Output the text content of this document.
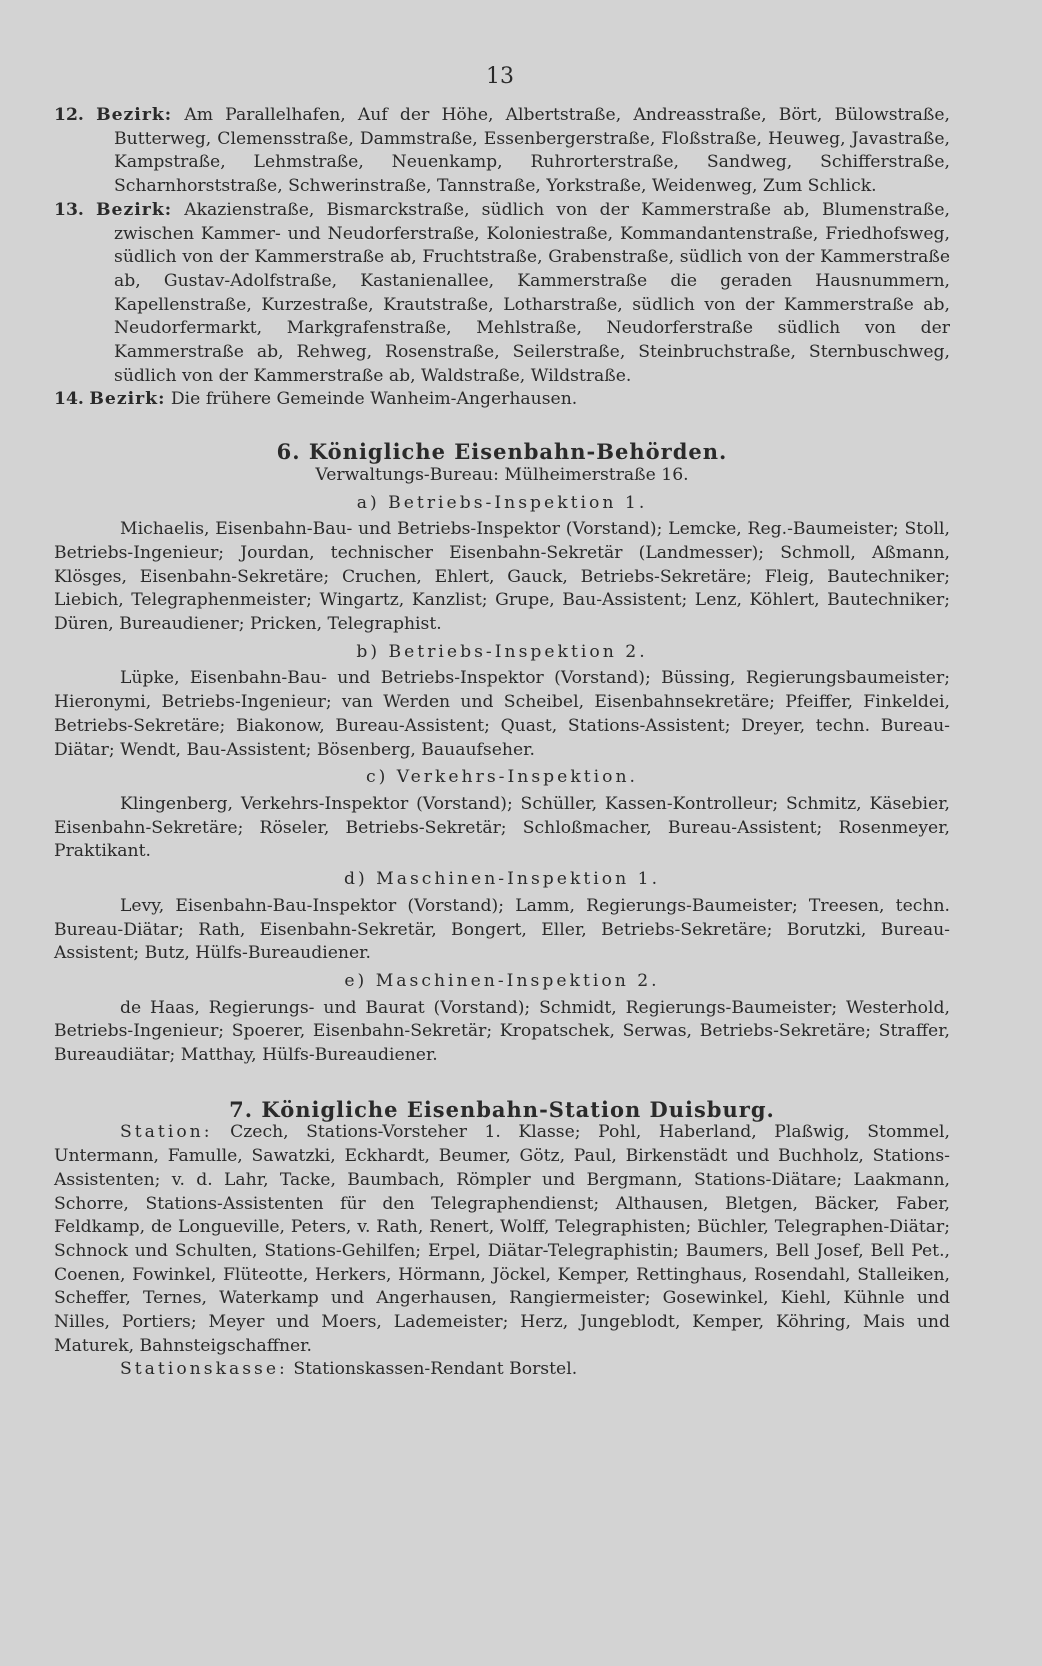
13

12. Bezirk: Am Parallelhafen, Auf der Höhe, Albertstraße, Andreasstraße, Bört, Bülowstraße, Butterweg, Clemensstraße, Dammstraße, Essenbergerstraße, Floßstraße, Heuweg, Javastraße, Kampstraße, Lehmstraße, Neuenkamp, Ruhrorterstraße, Sandweg, Schifferstraße, Scharnhorststraße, Schwerinstraße, Tannstraße, Yorkstraße, Weidenweg, Zum Schlick.

13. Bezirk: Akazienstraße, Bismarckstraße, südlich von der Kammerstraße ab, Blumenstraße, zwischen Kammer- und Neudorferstraße, Koloniestraße, Kommandantenstraße, Friedhofsweg, südlich von der Kammerstraße ab, Fruchtstraße, Grabenstraße, südlich von der Kammerstraße ab, Gustav-Adolfstraße, Kastanienallee, Kammerstraße die geraden Hausnummern, Kapellenstraße, Kurzestraße, Krautstraße, Lotharstraße, südlich von der Kammerstraße ab, Neudorfermarkt, Markgrafenstraße, Mehlstraße, Neudorferstraße südlich von der Kammerstraße ab, Rehweg, Rosenstraße, Seilerstraße, Steinbruchstraße, Sternbuschweg, südlich von der Kammerstraße ab, Waldstraße, Wildstraße.

14. Bezirk: Die frühere Gemeinde Wanheim-Angerhausen.

6. Königliche Eisenbahn-Behörden.

Verwaltungs-Bureau: Mülheimerstraße 16.

a) Betriebs-Inspektion 1.

Michaelis, Eisenbahn-Bau- und Betriebs-Inspektor (Vorstand); Lemcke, Reg.-Baumeister; Stoll, Betriebs-Ingenieur; Jourdan, technischer Eisenbahn-Sekretär (Landmesser); Schmoll, Aßmann, Klösges, Eisenbahn-Sekretäre; Cruchen, Ehlert, Gauck, Betriebs-Sekretäre; Fleig, Bautechniker; Liebich, Telegraphenmeister; Wingartz, Kanzlist; Grupe, Bau-Assistent; Lenz, Köhlert, Bautechniker; Düren, Bureaudiener; Pricken, Telegraphist.

b) Betriebs-Inspektion 2.

Lüpke, Eisenbahn-Bau- und Betriebs-Inspektor (Vorstand); Büssing, Regierungsbaumeister; Hieronymi, Betriebs-Ingenieur; van Werden und Scheibel, Eisenbahnsekretäre; Pfeiffer, Finkeldei, Betriebs-Sekretäre; Biakonow, Bureau-Assistent; Quast, Stations-Assistent; Dreyer, techn. Bureau-Diätar; Wendt, Bau-Assistent; Bösenberg, Bauaufseher.

c) Verkehrs-Inspektion.

Klingenberg, Verkehrs-Inspektor (Vorstand); Schüller, Kassen-Kontrolleur; Schmitz, Käsebier, Eisenbahn-Sekretäre; Röseler, Betriebs-Sekretär; Schloßmacher, Bureau-Assistent; Rosenmeyer, Praktikant.

d) Maschinen-Inspektion 1.

Levy, Eisenbahn-Bau-Inspektor (Vorstand); Lamm, Regierungs-Baumeister; Treesen, techn. Bureau-Diätar; Rath, Eisenbahn-Sekretär, Bongert, Eller, Betriebs-Sekretäre; Borutzki, Bureau-Assistent; Butz, Hülfs-Bureaudiener.

e) Maschinen-Inspektion 2.

de Haas, Regierungs- und Baurat (Vorstand); Schmidt, Regierungs-Baumeister; Westerhold, Betriebs-Ingenieur; Spoerer, Eisenbahn-Sekretär; Kropatschek, Serwas, Betriebs-Sekretäre; Straffer, Bureaudiätar; Matthay, Hülfs-Bureaudiener.

7. Königliche Eisenbahn-Station Duisburg.

Station: Czech, Stations-Vorsteher 1. Klasse; Pohl, Haberland, Plaßwig, Stommel, Untermann, Famulle, Sawatzki, Eckhardt, Beumer, Götz, Paul, Birkenstädt und Buchholz, Stations-Assistenten; v. d. Lahr, Tacke, Baumbach, Römpler und Bergmann, Stations-Diätare; Laakmann, Schorre, Stations-Assistenten für den Telegraphendienst; Althausen, Bletgen, Bäcker, Faber, Feldkamp, de Longueville, Peters, v. Rath, Renert, Wolff, Telegraphisten; Büchler, Telegraphen-Diätar; Schnock und Schulten, Stations-Gehilfen; Erpel, Diätar-Telegraphistin; Baumers, Bell Josef, Bell Pet., Coenen, Fowinkel, Flüteotte, Herkers, Hörmann, Jöckel, Kemper, Rettinghaus, Rosendahl, Stalleiken, Scheffer, Ternes, Waterkamp und Angerhausen, Rangiermeister; Gosewinkel, Kiehl, Kühnle und Nilles, Portiers; Meyer und Moers, Lademeister; Herz, Jungeblodt, Kemper, Köhring, Mais und Maturek, Bahnsteigschaffner.

Stationskasse: Stationskassen-Rendant Borstel.
